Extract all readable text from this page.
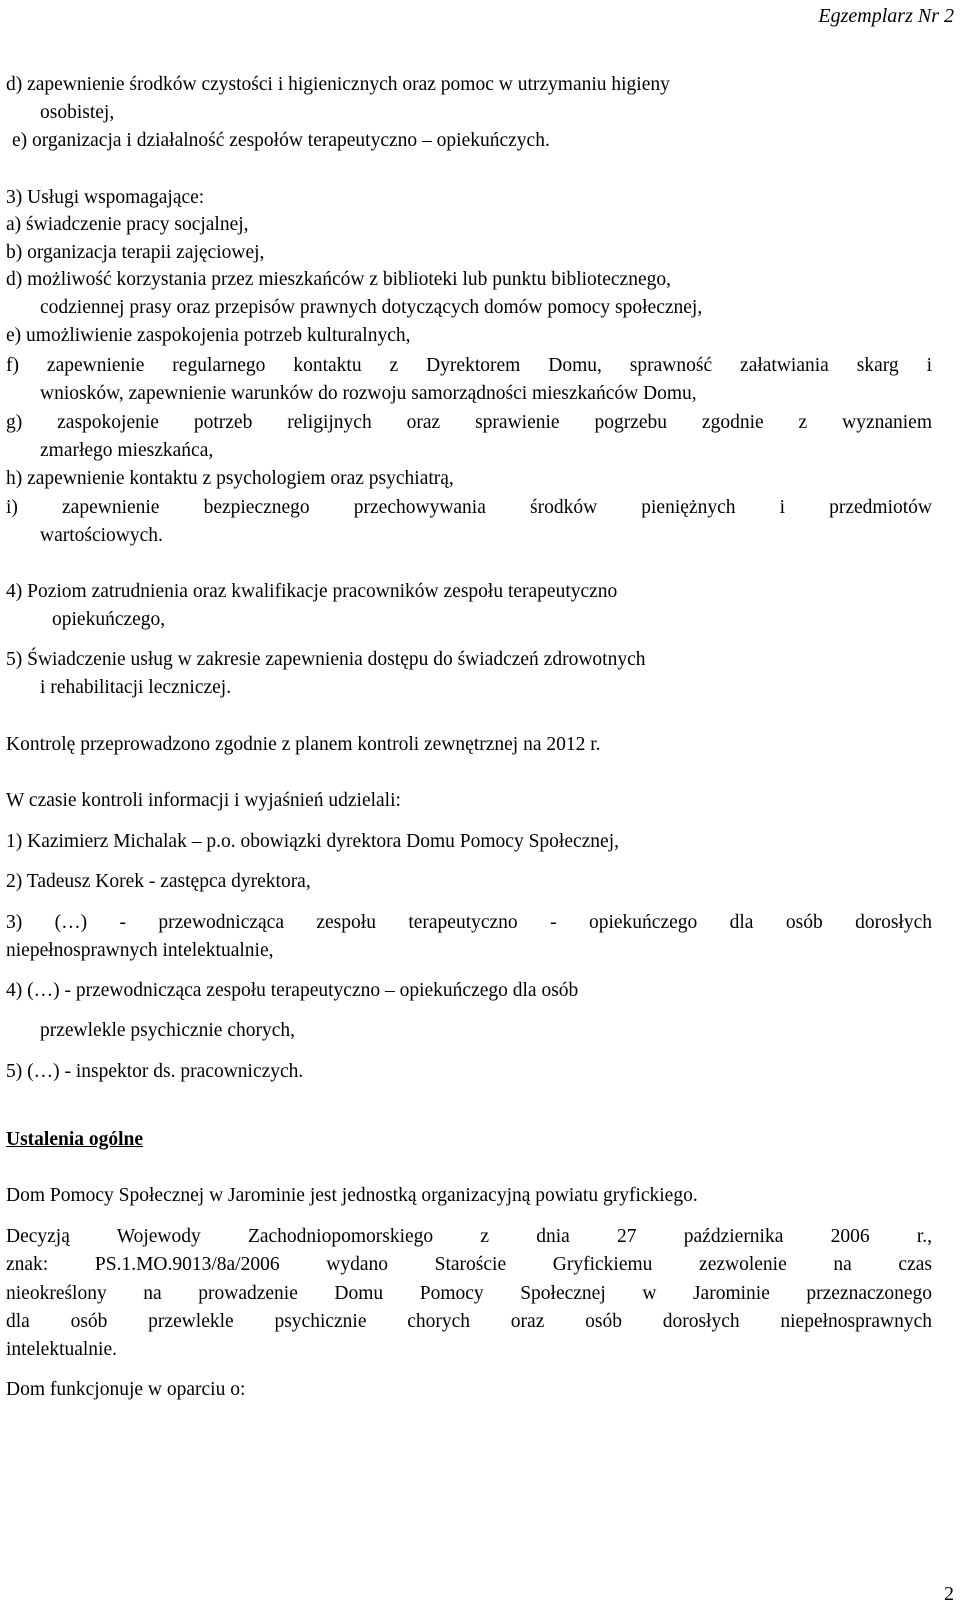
Egzemplarz Nr 2
d) zapewnienie środków czystości i higienicznych oraz pomoc w utrzymaniu higieny
osobistej,
e) organizacja i działalność zespołów terapeutyczno – opiekuńczych.
3) Usługi wspomagające:
a) świadczenie pracy socjalnej,
b) organizacja terapii zajęciowej,
d) możliwość korzystania przez mieszkańców z biblioteki lub punktu bibliotecznego,
codziennej prasy oraz przepisów prawnych dotyczących domów pomocy społecznej,
e) umożliwienie zaspokojenia potrzeb kulturalnych,
f) zapewnienie regularnego kontaktu z Dyrektorem Domu, sprawność załatwiania skarg i
wniosków, zapewnienie warunków do rozwoju samorządności mieszkańców Domu,
g) zaspokojenie potrzeb religijnych oraz sprawienie pogrzebu zgodnie z wyznaniem
zmarłego mieszkańca,
h) zapewnienie kontaktu z psychologiem oraz psychiatrą,
i) zapewnienie bezpiecznego przechowywania środków pieniężnych i przedmiotów
wartościowych.
4) Poziom zatrudnienia oraz kwalifikacje pracowników zespołu terapeutyczno
opiekuńczego,
5) Świadczenie usług w zakresie zapewnienia dostępu do świadczeń zdrowotnych
i rehabilitacji leczniczej.
Kontrolę przeprowadzono zgodnie z planem kontroli zewnętrznej na 2012 r.
W czasie kontroli informacji i wyjaśnień udzielali:
1) Kazimierz Michalak – p.o. obowiązki dyrektora Domu Pomocy Społecznej,
2) Tadeusz Korek - zastępca dyrektora,
3) (…) - przewodnicząca zespołu terapeutyczno - opiekuńczego dla osób dorosłych
niepełnosprawnych intelektualnie,
4) (…) - przewodnicząca zespołu terapeutyczno – opiekuńczego dla osób
przewlekle psychicznie chorych,
5) (…) - inspektor ds. pracowniczych.
Ustalenia ogólne
Dom Pomocy Społecznej w Jarominie jest jednostką organizacyjną powiatu gryfickiego.
Decyzją Wojewody Zachodniopomorskiego z dnia 27 października 2006 r.,
znak: PS.1.MO.9013/8a/2006 wydano Staroście Gryfickiemu zezwolenie na czas
nieokreślony na prowadzenie Domu Pomocy Społecznej w Jarominie przeznaczonego
dla osób przewlekle psychicznie chorych oraz osób dorosłych niepełnosprawnych
intelektualnie.
Dom funkcjonuje w oparciu o:
2
